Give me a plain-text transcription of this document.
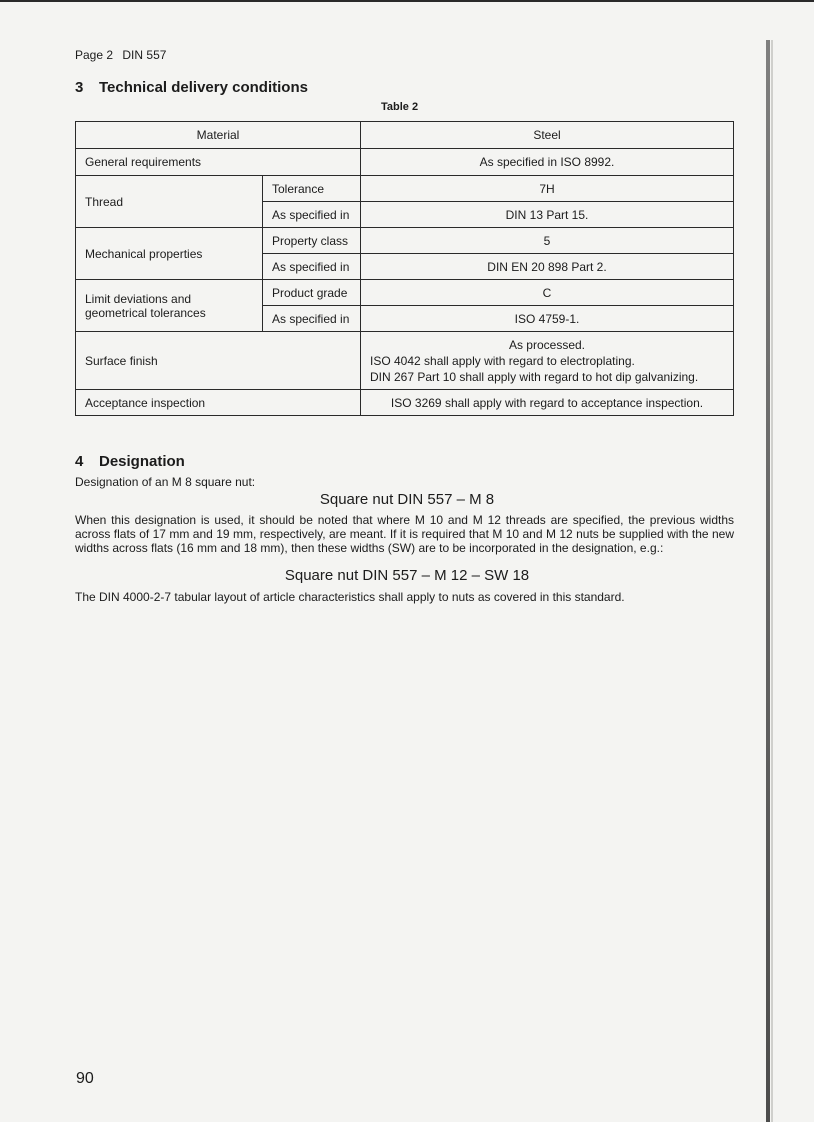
Page 2 DIN 557
3 Technical delivery conditions
Table 2
Material		Steel
General requirements		As specified in ISO 8992.
Thread	Tolerance	7H
	As specified in	DIN 13 Part 15.
Mechanical properties	Property class	5
	As specified in	DIN EN 20 898 Part 2.

Limit deviations and
geometrical tolerances	Product grade	C
	As specified in	ISO 4759-1.
Surface finish		As processed.
ISO 4042 shall apply with regard to electroplating.
DIN 267 Part 10 shall apply with regard to hot dip galvanizing.

Acceptance inspection		ISO 3269 shall apply with regard to acceptance inspection.
4 Designation
Designation of an M 8 square nut:
Square nut DIN 557 – M 8
When this designation is used, it should be noted that where M 10 and M 12 threads are specified, the previous widths across flats of 17 mm and 19 mm, respectively, are meant. If it is required that M 10 and M 12 nuts be supplied with the new widths across flats (16 mm and 18 mm), then these widths (SW) are to be incorporated in the designation, e.g.:
Square nut DIN 557 – M 12 – SW 18
The DIN 4000-2-7 tabular layout of article characteristics shall apply to nuts as covered in this standard.
90
